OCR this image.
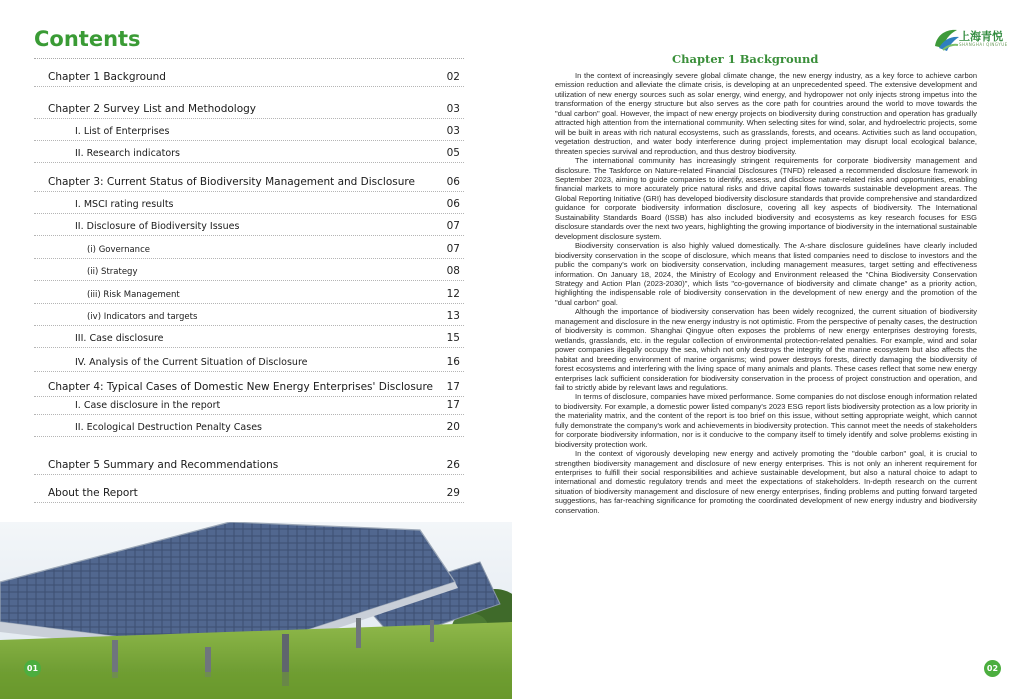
Contents
Chapter 1 Background	02
Chapter 2 Survey List and Methodology	03
I. List of Enterprises	03
II. Research indicators	05
Chapter 3: Current Status of Biodiversity Management and Disclosure	06
I. MSCI rating results	06
II. Disclosure of Biodiversity Issues	07
(i) Governance	07
(ii) Strategy	08
(iii) Risk Management	12
(iv) Indicators and targets	13
III. Case disclosure	15
IV. Analysis of the Current Situation of Disclosure	16
Chapter 4: Typical Cases of Domestic New Energy Enterprises' Disclosure 17
I. Case disclosure in the report	17
II. Ecological Destruction Penalty Cases	20
Chapter 5 Summary and Recommendations	26
About the Report	29
01
上海青悦
SHANGHAI QINGYUE
Chapter 1 Background

In the context of increasingly severe global climate change, the new energy industry, as a key force to achieve carbon emission reduction and alleviate the climate crisis, is developing at an unprecedented speed. The extensive development and utilization of new energy sources such as solar energy, wind energy, and hydropower not only injects strong impetus into the transformation of the energy structure but also serves as the core path for countries around the world to move towards the "dual carbon" goal. However, the impact of new energy projects on biodiversity during construction and operation has gradually attracted high attention from the international community. When selecting sites for wind, solar, and hydroelectric projects, some will be built in areas with rich natural ecosystems, such as grasslands, forests, and oceans. Activities such as land occupation, vegetation destruction, and water body interference during project implementation may disrupt local ecological balance, threaten species survival and reproduction, and thus destroy biodiversity.

The international community has increasingly stringent requirements for corporate biodiversity management and disclosure. The Taskforce on Nature-related Financial Disclosures (TNFD) released a recommended disclosure framework in September 2023, aiming to guide companies to identify, assess, and disclose nature-related risks and opportunities, enabling financial markets to more accurately price natural risks and drive capital flows towards sustainable development areas. The Global Reporting Initiative (GRI) has developed biodiversity disclosure standards that provide comprehensive and standardized guidance for corporate biodiversity information disclosure, covering all key aspects of biodiversity. The International Sustainability Standards Board (ISSB) has also included biodiversity and ecosystems as key research focuses for ESG disclosure standards over the next two years, highlighting the growing importance of biodiversity in the international sustainable development disclosure system.

Biodiversity conservation is also highly valued domestically. The A-share disclosure guidelines have clearly included biodiversity conservation in the scope of disclosure, which means that listed companies need to disclose to investors and the public the company's work on biodiversity conservation, including management measures, target setting and effectiveness information. On January 18, 2024, the Ministry of Ecology and Environment released the "China Biodiversity Conservation Strategy and Action Plan (2023-2030)", which lists "co-governance of biodiversity and climate change" as a priority action, highlighting the indispensable role of biodiversity conservation in the development of new energy and the promotion of the "dual carbon" goal.

Although the importance of biodiversity conservation has been widely recognized, the current situation of biodiversity management and disclosure in the new energy industry is not optimistic. From the perspective of penalty cases, the destruction of biodiversity is common. Shanghai Qingyue often exposes the problems of new energy enterprises destroying forests, wetlands, grasslands, etc. in the regular collection of environmental protection-related penalties. For example, wind and solar power companies illegally occupy the sea, which not only destroys the integrity of the marine ecosystem but also affects the habitat and breeding environment of marine organisms; wind power destroys forests, directly damaging the biodiversity of forest ecosystems and interfering with the living space of many animals and plants. These cases reflect that some new energy enterprises lack sufficient consideration for biodiversity conservation in the process of project construction and operation, and fail to strictly abide by relevant laws and regulations.

In terms of disclosure, companies have mixed performance. Some companies do not disclose enough information related to biodiversity. For example, a domestic power listed company's 2023 ESG report lists biodiversity protection as a low priority in the materiality matrix, and the content of the report is too brief on this issue, without setting appropriate weight, which cannot fully demonstrate the company's work and achievements in biodiversity protection. This cannot meet the needs of stakeholders for corporate biodiversity information, nor is it conducive to the company itself to timely identify and solve problems existing in biodiversity protection work.

In the context of vigorously developing new energy and actively promoting the "double carbon" goal, it is crucial to strengthen biodiversity management and disclosure of new energy enterprises. This is not only an inherent requirement for enterprises to fulfill their social responsibilities and achieve sustainable development, but also a natural choice to adapt to international and domestic regulatory trends and meet the expectations of stakeholders. In-depth research on the current situation of biodiversity management and disclosure of new energy enterprises, finding problems and putting forward targeted suggestions, has far-reaching significance for promoting the coordinated development of new energy industry and biodiversity conservation.

02
